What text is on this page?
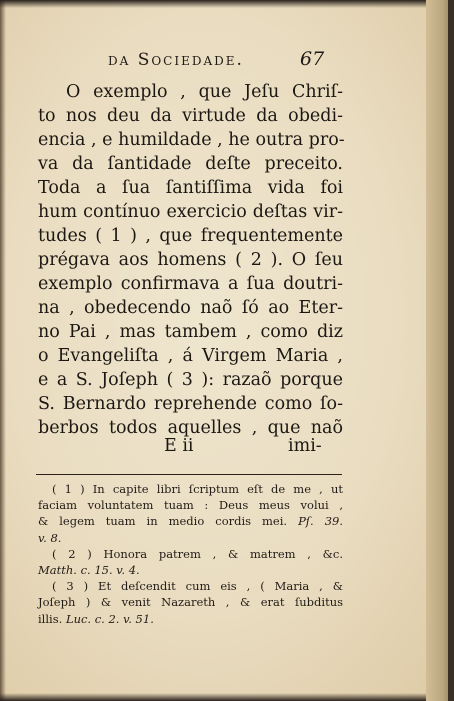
da Sociedade.	67
O exemplo , que Jeſu Chriſ-
to nos deu da virtude da obedi-
encia , e humildade , he outra pro-
va da ſantidade deſte preceito.
Toda a ſua ſantiſſima vida foi
hum contínuo exercicio deſtas vir-
tudes ( 1 ) , que frequentemente
prégava aos homens ( 2 ). O ſeu
exemplo confirmava a ſua doutri-
na , obedecendo naõ ſó ao Eter-
no Pai , mas tambem , como diz
o Evangeliſta , á Virgem Maria ,
e a S. Joſeph ( 3 ): razaõ porque
S. Bernardo reprehende como ſo-
berbos todos aquelles , que naõ
E ii	imi-
( 1 ) In capite libri ſcriptum eſt de me , ut
faciam voluntatem tuam : Deus meus volui ,
& legem tuam in medio cordis mei. Pſ. 39.
v. 8.
( 2 ) Honora patrem , & matrem , &c.
Matth. c. 15. v. 4.
( 3 ) Et deſcendit cum eis , ( Maria , &
Joſeph ) & venit Nazareth , & erat ſubditus
illis. Luc. c. 2. v. 51.
